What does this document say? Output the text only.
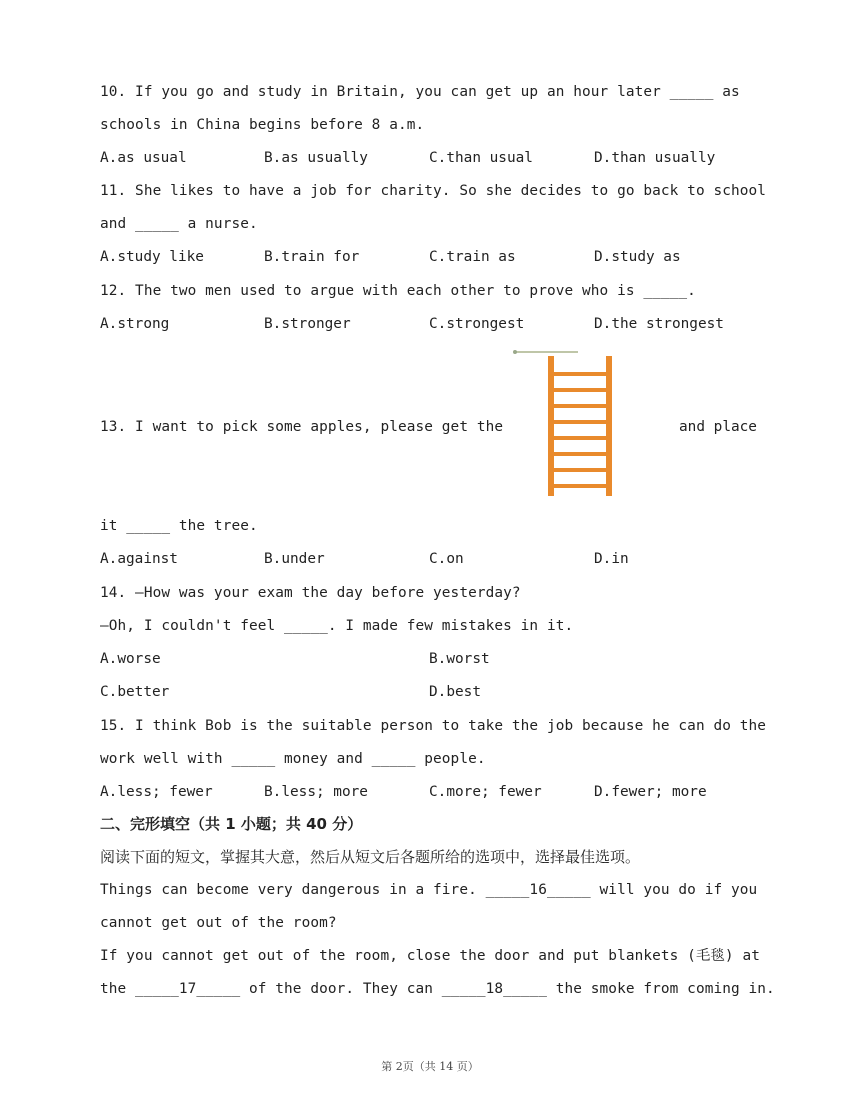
10. If you go and study in Britain, you can get up an hour later _____ as
schools in China begins before 8 a.m.
A.as usual	B.as usually	C.than usual	D.than usually
11. She likes to have a job for charity. So she decides to go back to school
and _____ a nurse.
A.study like	B.train for	C.train as	D.study as
12. The two men used to argue with each other to prove who is _____.
A.strong	B.stronger	C.strongest	D.the strongest
13. I want to pick some apples, please get the	and place
it _____ the tree.
A.against	B.under	C.on	D.in
14. —How was your exam the day before yesterday?
—Oh, I couldn't feel _____. I made few mistakes in it.
A.worse	B.worst
C.better	D.best
15. I think Bob is the suitable person to take the job because he can do the
work well with _____ money and _____ people.
A.less; fewer	B.less; more	C.more; fewer	D.fewer; more
二、完形填空（共 1 小题；共 40 分）
阅读下面的短文，掌握其大意，然后从短文后各题所给的选项中，选择最佳选项。
Things can become very dangerous in a fire. _____16_____ will you do if you
cannot get out of the room?
If you cannot get out of the room, close the door and put blankets (毛毯) at
the _____17_____ of the door. They can _____18_____ the smoke from coming in.
第 2页（共 14 页）
